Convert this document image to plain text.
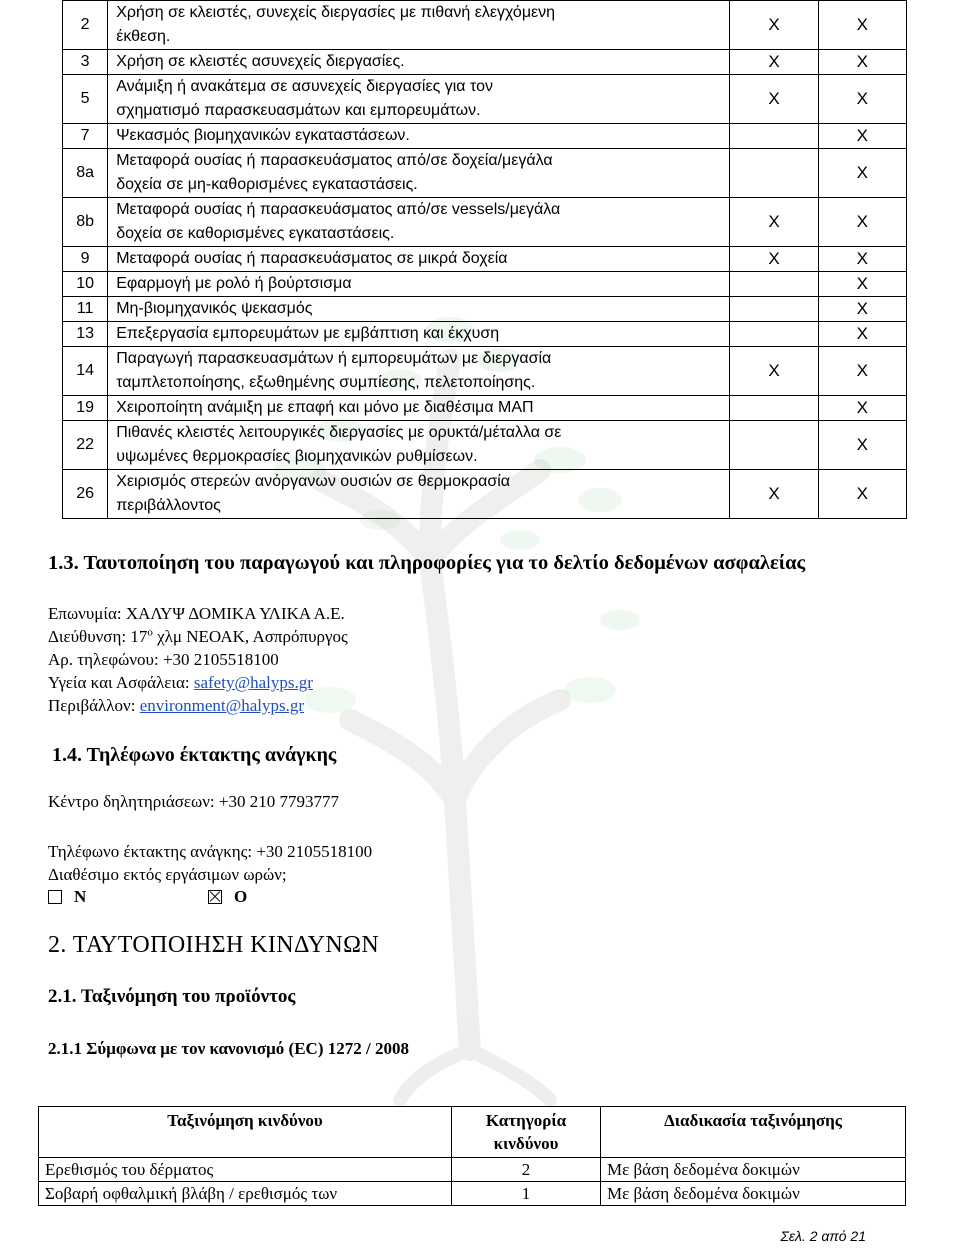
2	Χρήση σε κλειστές, συνεχείς διεργασίες με πιθανή ελεγχόμενη
έκθεση.	X	X
3	Χρήση σε κλειστές ασυνεχείς διεργασίες.	X	X
5	Ανάμιξη ή ανακάτεμα σε ασυνεχείς διεργασίες για τον
σχηματισμό παρασκευασμάτων και εμπορευμάτων.	X	X
7	Ψεκασμός βιομηχανικών εγκαταστάσεων.		X
8a	Μεταφορά ουσίας ή παρασκευάσματος από/σε δοχεία/μεγάλα
δοχεία σε μη-καθορισμένες εγκαταστάσεις.		X
8b	Μεταφορά ουσίας ή παρασκευάσματος από/σε vessels/μεγάλα
δοχεία σε καθορισμένες εγκαταστάσεις.	X	X
9	Μεταφορά ουσίας ή παρασκευάσματος σε μικρά δοχεία	X	X
10	Εφαρμογή με ρολό ή βούρτσισμα		X
11	Μη-βιομηχανικός ψεκασμός		X
13	Επεξεργασία εμπορευμάτων με εμβάπτιση και έκχυση		X
14	Παραγωγή παρασκευασμάτων ή εμπορευμάτων με διεργασία
ταμπλετοποίησης, εξωθημένης συμπίεσης, πελετοποίησης.	X	X
19	Χειροποίητη ανάμιξη με επαφή και μόνο με διαθέσιμα ΜΑΠ		X
22	Πιθανές κλειστές λειτουργικές διεργασίες με ορυκτά/μέταλλα σε
υψωμένες θερμοκρασίες βιομηχανικών ρυθμίσεων.		X
26	Χειρισμός στερεών ανόργανων ουσιών σε θερμοκρασία
περιβάλλοντος	X	X
1.3. Ταυτοποίηση του παραγωγού και πληροφορίες για το δελτίο δεδομένων ασφαλείας
Επωνυμία: ΧΑΛΥΨ ΔΟΜΙΚΑ ΥΛΙΚΑ Α.Ε.
Διεύθυνση: $17^o$ χλμ ΝΕΟΑΚ, Ασπρόπυργος
Αρ. τηλεφώνου: +30 2105518100
Υγεία και Ασφάλεια: safety@halyps.gr
Περιβάλλον: environment@halyps.gr
1.4. Τηλέφωνο έκτακτης ανάγκης
Κέντρο δηλητηριάσεων: +30 210 7793777
Τηλέφωνο έκτακτης ανάγκης: +30 2105518100
Διαθέσιμο εκτός εργάσιμων ωρών;
Ν	Ο
2. ΤΑΥΤΟΠΟΙΗΣΗ ΚΙΝΔΥΝΩΝ
2.1. Ταξινόμηση του προϊόντος
2.1.1 Σύμφωνα με τον κανονισμό (EC) 1272 / 2008
Ταξινόμηση κινδύνου	Κατηγορία κινδύνου	Διαδικασία ταξινόμησης
Ερεθισμός του δέρματος	2	Με βάση δεδομένα δοκιμών
Σοβαρή οφθαλμική βλάβη / ερεθισμός των	1	Με βάση δεδομένα δοκιμών
Σελ. 2 από 21
